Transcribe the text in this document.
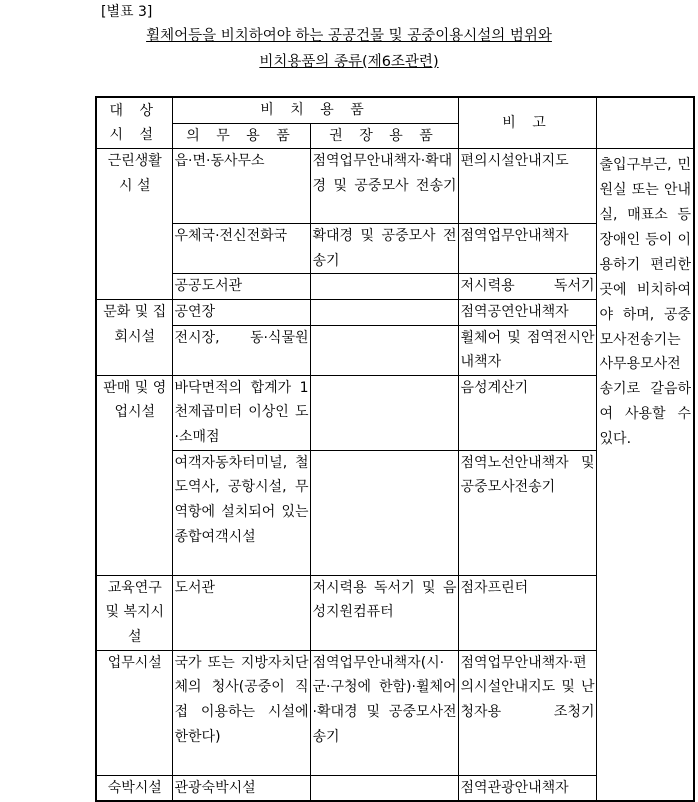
[별표 3]
휠체어등을 비치하여야 하는 공공건물 및 공중이용시설의 범위와
비치용품의 종류(제6조관련)
대 상 시 설	비 치 용 품		비 고	
	의 무 용 품	권 장 용 품		
근린생활 시 설	읍·면·동사무소	점역업무안내책자·확대경 및 공중모사 전송기	편의시설안내지도	출입구부근, 민원실 또는 안내실, 매표소 등 장애인 등이 이용하기 편리한 곳에 비치하여야 하며, 공중모사전송기는 사무용모사전송기로 갈음하여 사용할 수 있다.
	우체국·전신전화국	확대경 및 공중모사 전송기	점역업무안내책자	
	공공도서관		저시력용 독서기	
문화 및 집회시설	공연장		점역공연안내책자	
	전시장, 동·식물원		휠체어 및 점역전시안내책자	
판매 및 영업시설	바닥면적의 합계가 1천제곱미터 이상인 도·소매점		음성계산기	
	여객자동차터미널, 철도역사, 공항시설, 무역항에 설치되어 있는 종합여객시설		점역노선안내책자 및 공중모사전송기	
교육연구 및 복지시설	도서관	저시력용 독서기 및 음성지원컴퓨터	점자프린터	
업무시설	국가 또는 지방자치단체의 청사(공중이 직접 이용하는 시설에 한한다)	점역업무안내책자(시·군·구청에 한함)·휠체어·확대경 및 공중모사전송기	점역업무안내책자·편의시설안내지도 및 난청자용 조청기	
숙박시설	관광숙박시설		점역관광안내책자	
